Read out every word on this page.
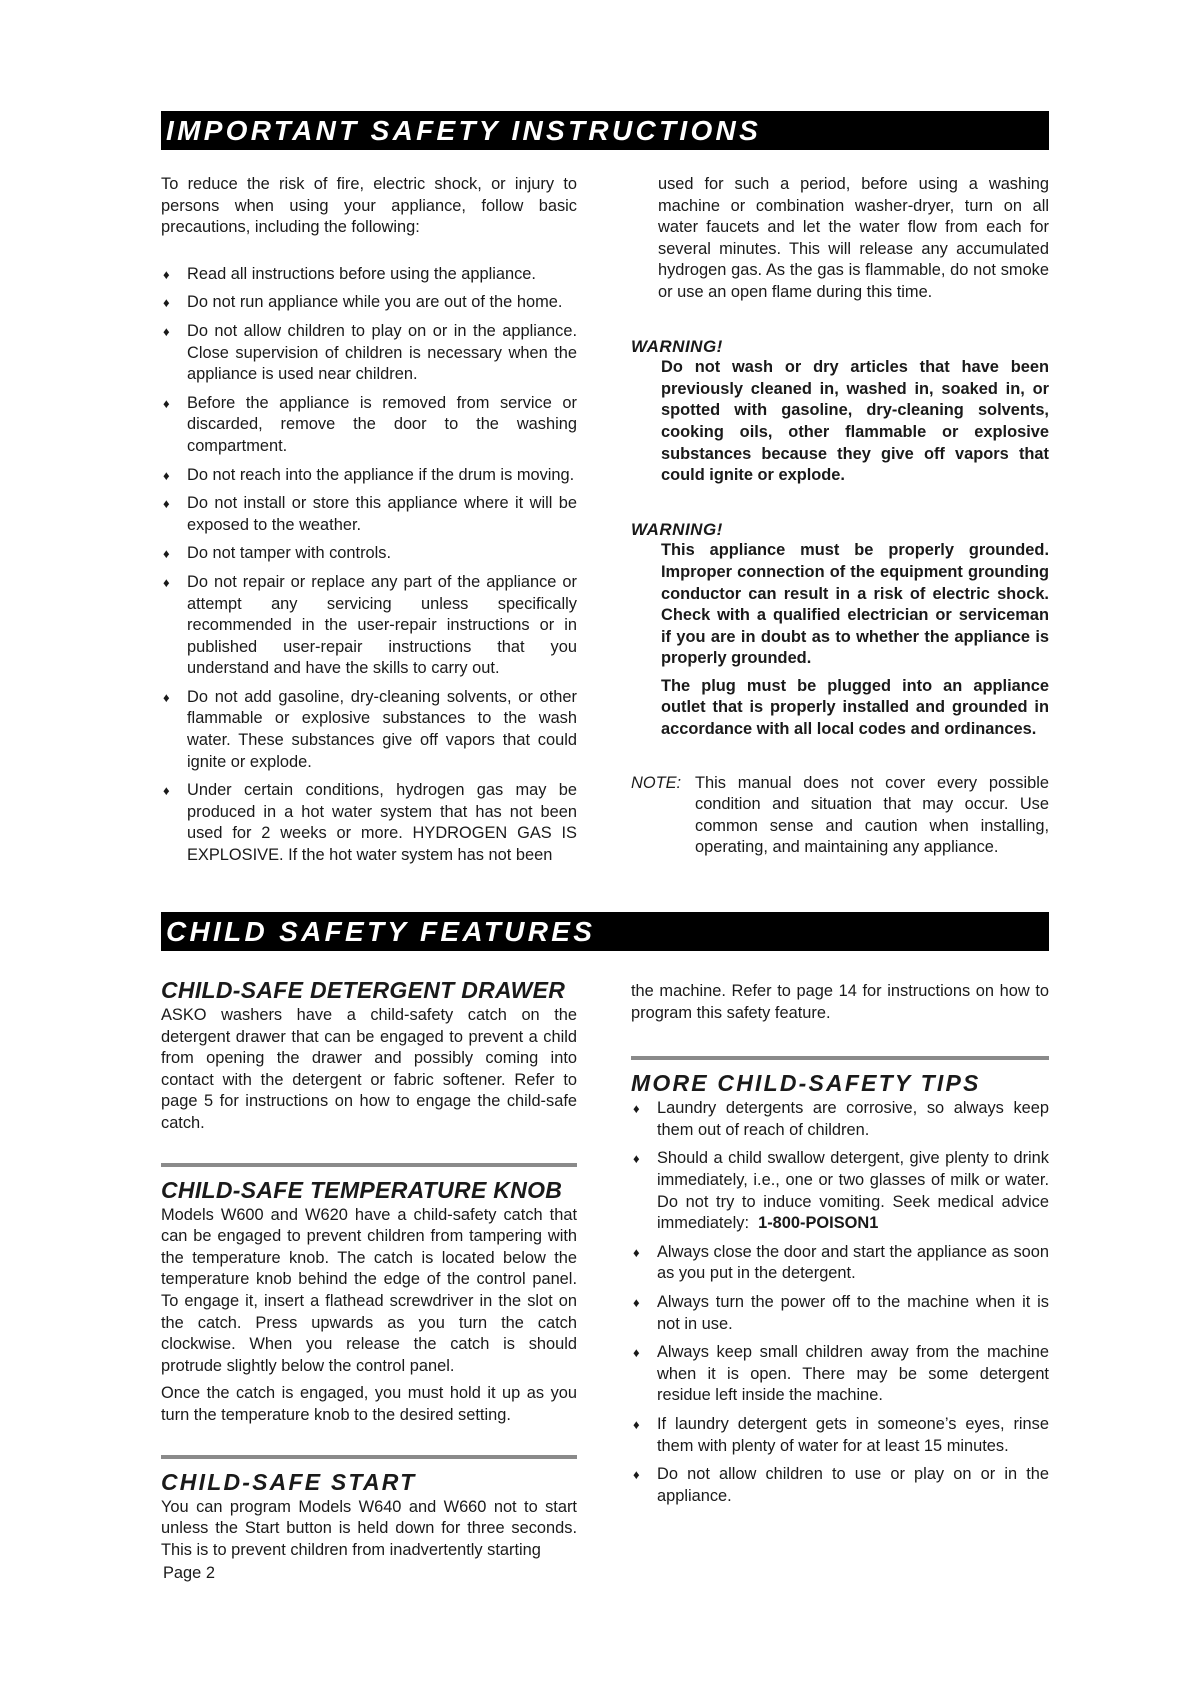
IMPORTANT SAFETY INSTRUCTIONS

To reduce the risk of fire, electric shock, or injury to persons when using your appliance, follow basic precautions, including the following:

♦ Read all instructions before using the appliance.
♦ Do not run appliance while you are out of the home.
♦ Do not allow children to play on or in the appliance. Close supervision of children is necessary when the appliance is used near children.
♦ Before the appliance is removed from service or discarded, remove the door to the washing compartment.
♦ Do not reach into the appliance if the drum is moving.
♦ Do not install or store this appliance where it will be exposed to the weather.
♦ Do not tamper with controls.
♦ Do not repair or replace any part of the appliance or attempt any servicing unless specifically recommended in the user-repair instructions or in published user-repair instructions that you understand and have the skills to carry out.
♦ Do not add gasoline, dry-cleaning solvents, or other flammable or explosive substances to the wash water. These substances give off vapors that could ignite or explode.
♦ Under certain conditions, hydrogen gas may be produced in a hot water system that has not been used for 2 weeks or more. HYDROGEN GAS IS EXPLOSIVE. If the hot water system has not been

used for such a period, before using a washing machine or combination washer-dryer, turn on all water faucets and let the water flow from each for several minutes. This will release any accumulated hydrogen gas. As the gas is flammable, do not smoke or use an open flame during this time.

WARNING!

Do not wash or dry articles that have been previously cleaned in, washed in, soaked in, or spotted with gasoline, dry-cleaning solvents, cooking oils, other flammable or explosive substances because they give off vapors that could ignite or explode.

WARNING!

This appliance must be properly grounded. Improper connection of the equipment grounding conductor can result in a risk of electric shock. Check with a qualified electrician or serviceman if you are in doubt as to whether the appliance is properly grounded.

The plug must be plugged into an appliance outlet that is properly installed and grounded in accordance with all local codes and ordinances.

NOTE: This manual does not cover every possible condition and situation that may occur. Use common sense and caution when installing, operating, and maintaining any appliance.
CHILD SAFETY FEATURES

CHILD-SAFE DETERGENT DRAWER

ASKO washers have a child-safety catch on the detergent drawer that can be engaged to prevent a child from opening the drawer and possibly coming into contact with the detergent or fabric softener. Refer to page 5 for instructions on how to engage the child-safe catch.

CHILD-SAFE TEMPERATURE KNOB

Models W600 and W620 have a child-safety catch that can be engaged to prevent children from tampering with the temperature knob. The catch is located below the temperature knob behind the edge of the control panel. To engage it, insert a flathead screwdriver in the slot on the catch. Press upwards as you turn the catch clockwise. When you release the catch is should protrude slightly below the control panel.

Once the catch is engaged, you must hold it up as you turn the temperature knob to the desired setting.

CHILD-SAFE START

You can program Models W640 and W660 not to start unless the Start button is held down for three seconds. This is to prevent children from inadvertently starting

the machine. Refer to page 14 for instructions on how to program this safety feature.

MORE CHILD-SAFETY TIPS

♦ Laundry detergents are corrosive, so always keep them out of reach of children.
♦ Should a child swallow detergent, give plenty to drink immediately, i.e., one or two glasses of milk or water. Do not try to induce vomiting. Seek medical advice immediately: 1-800-POISON1
♦ Always close the door and start the appliance as soon as you put in the detergent.
♦ Always turn the power off to the machine when it is not in use.
♦ Always keep small children away from the machine when it is open. There may be some detergent residue left inside the machine.
♦ If laundry detergent gets in someone’s eyes, rinse them with plenty of water for at least 15 minutes.
♦ Do not allow children to use or play on or in the appliance.
Page 2
